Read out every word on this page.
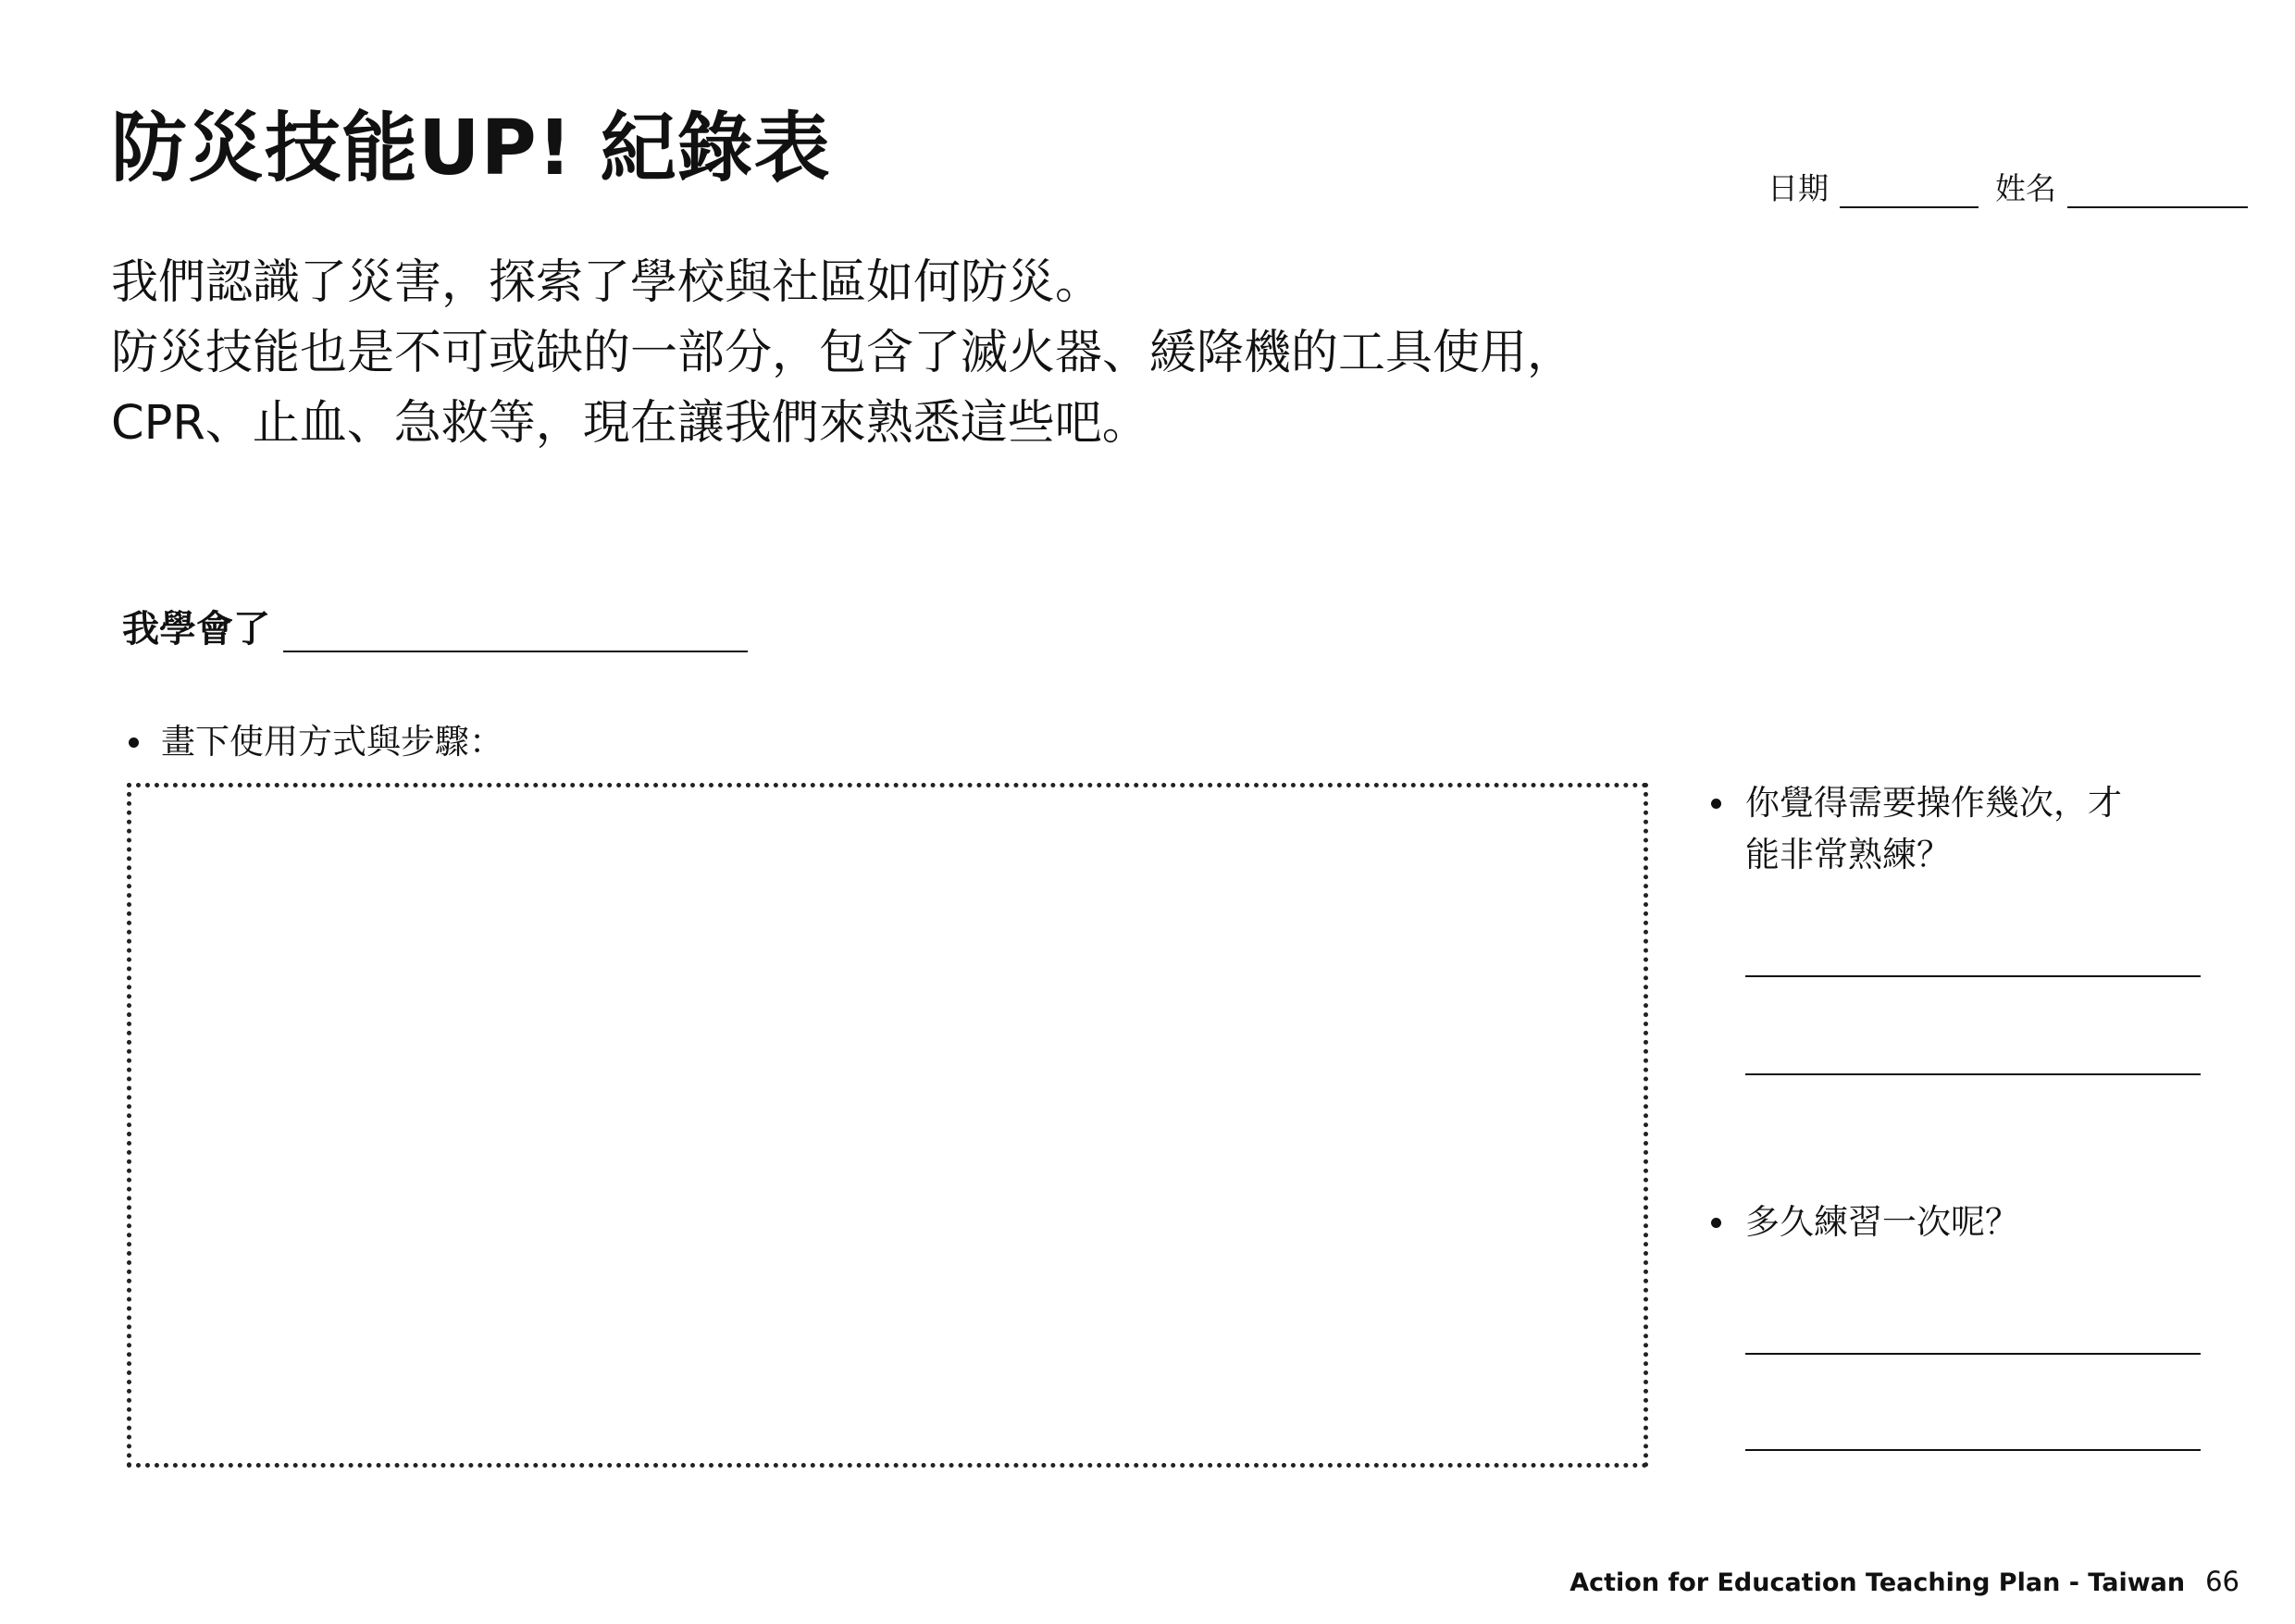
防災技能UP! 紀錄表	日期	姓名
我們認識了災害，探索了學校與社區如何防災。
防災技能也是不可或缺的一部分，包含了滅火器、緩降機的工具使用，
CPR、止血、急救等，現在讓我們來熟悉這些吧。
我學會了
畫下使用方式與步驟：
你覺得需要操作幾次，才
能非常熟練？
多久練習一次呢？
Action for Education Teaching Plan - Taiwan 66
